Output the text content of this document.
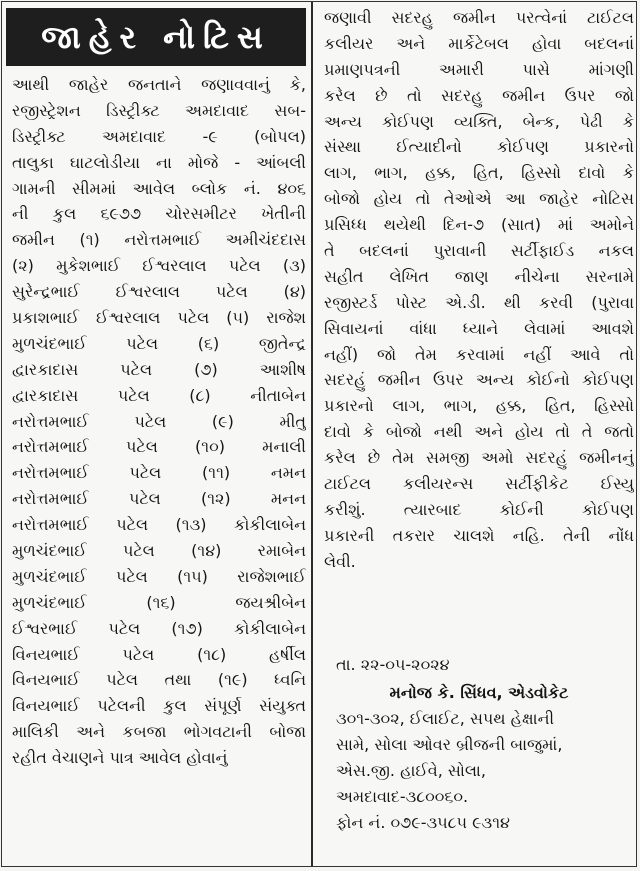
જાહેર નોટિસ
આથી જાહેર જનતાને જણાવવાનું કે,
રજીસ્ટ્રેશન ડિસ્ટ્રીક્ટ અમદાવાદ સબ-
ડિસ્ટ્રીક્ટ અમદાવાદ -૯ (બોપલ)
તાલુકા ઘાટલોડીયા ના મોજે - આંબલી
ગામની સીમમાં આવેલ બ્લોક નં. ૪૦૬
ની કુલ ૬૯૭૭ ચોરસમીટર ખેતીની
જમીન (૧) નરોત્તમભાઈ અમીચંદદાસ
(૨) મુકેશભાઈ ઈશ્વરલાલ પટેલ (૩)
સુરેન્દ્રભાઈ ઈશ્વરલાલ પટેલ (૪)
પ્રકાશભાઈ ઈશ્વરલાલ પટેલ (૫) રાજેશ
મુળચંદભાઈ પટેલ (૬) જીતેન્દ્ર
દ્વારકાદાસ પટેલ (૭) આશીષ
દ્વારકાદાસ પટેલ (૮) નીતાબેન
નરોત્તમભાઈ પટેલ (૯) મીતુ
નરોત્તમભાઈ પટેલ (૧૦) મનાલી
નરોત્તમભાઈ પટેલ (૧૧) નમન
નરોત્તમભાઈ પટેલ (૧૨) મનન
નરોત્તમભાઈ પટેલ (૧૩) કોકીલાબેન
મુળચંદભાઈ પટેલ (૧૪) રમાબેન
મુળચંદભાઈ પટેલ (૧૫) રાજેશભાઈ
મુળચંદભાઈ (૧૬) જયશ્રીબેન
ઈશ્વરભાઈ પટેલ (૧૭) કોકીલાબેન
વિનયભાઈ પટેલ (૧૮) હર્ષીલ
વિનયભાઈ પટેલ તથા (૧૯) ધ્વનિ
વિનયભાઈ પટેલની કુલ સંપૂર્ણ સંયુક્ત
માલિકી અને કબજા ભોગવટાની બોજા
રહીત વેચાણને પાત્ર આવેલ હોવાનું
જણાવી સદરહુ જમીન પરત્વેનાં ટાઈટલ
કલીયર અને માર્કેટેબલ હોવા બદલનાં
પ્રમાણપત્રની અમારી પાસે માંગણી
કરેલ છે તો સદરહુ જમીન ઉપર જો
અન્ય કોઈપણ વ્યક્તિ, બેન્ક, પેઢી કે
સંસ્થા ઈત્યાદીનો કોઈપણ પ્રકારનો
લાગ, ભાગ, હક્ક, હિત, હિસ્સો દાવો કે
બોજો હોય તો તેઓએ આ જાહેર નોટિસ
પ્રસિધ્ધ થયેથી દિન-૭ (સાત) માં અમોને
તે બદલનાં પુરાવાની સર્ટીફાઈડ નકલ
સહીત લેખિત જાણ નીચેના સરનામે
રજીસ્ટર્ડ પોસ્ટ એ.ડી. થી કરવી (પુરાવા
સિવાયનાં વાંધા ધ્યાને લેવામાં આવશે
નહીં) જો તેમ કરવામાં નહીં આવે તો
સદરહું જમીન ઉપર અન્ય કોઈનો કોઈપણ
પ્રકારનો લાગ, ભાગ, હક્ક, હિત, હિસ્સો
દાવો કે બોજો નથી અને હોય તો તે જતો
કરેલ છે તેમ સમજી અમો સદરહું જમીનનું
ટાઈટલ કલીયરન્સ સર્ટીફીકેટ ઈસ્યુ
કરીશું. ત્યારબાદ કોઈની કોઈપણ
પ્રકારની તકરાર ચાલશે નહિ. તેની નોંધ
લેવી.
તા. ૨૨-૦૫-૨૦૨૪
મનોજ કે. સિંધવ, એડવોકેટ
૩૦૧-૩૦૨, ઈલાઈટ, સપથ હેક્ષાની
સામે, સોલા ઓવર બ્રીજની બાજુમાં,
એસ.જી. હાઈવે, સોલા,
અમદાવાદ-૩૮૦૦૬૦.
ફોન નં. ૦૭૯-૩૫૮૫ ૯૩૧૪
